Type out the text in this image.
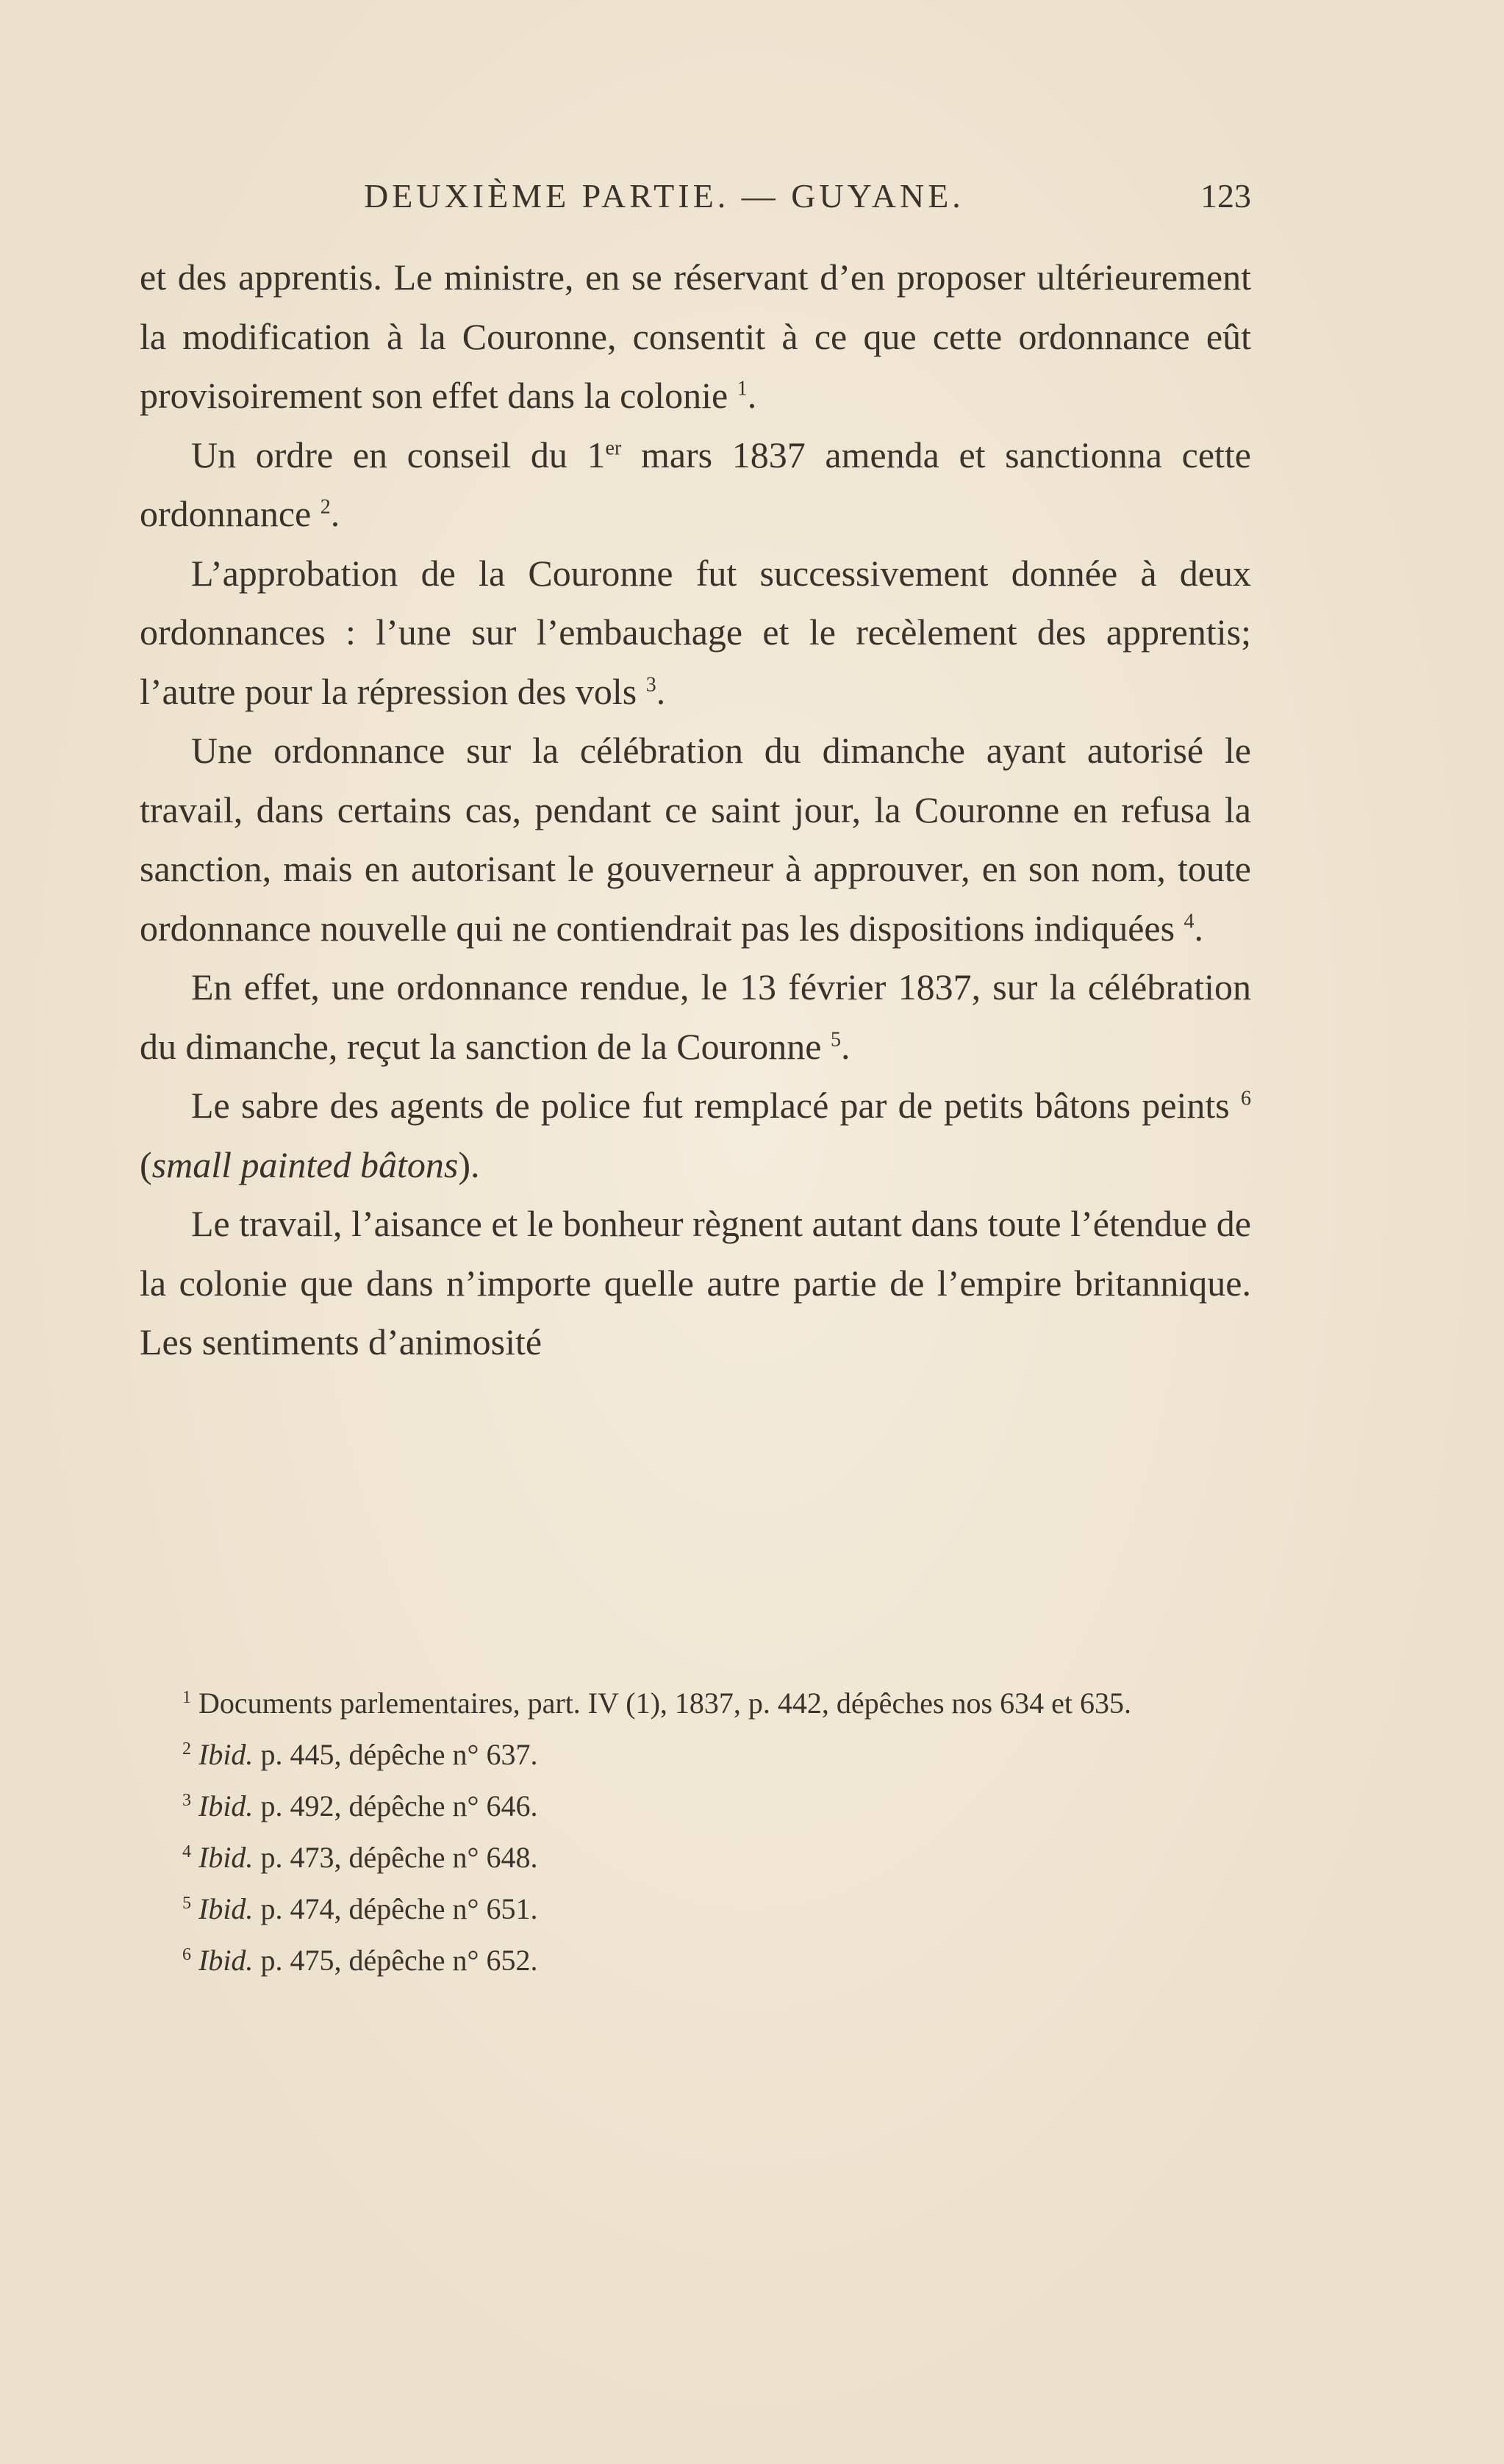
DEUXIÈME PARTIE. — GUYANE.	123

et des apprentis. Le ministre, en se réservant d’en proposer ultérieurement la modification à la Couronne, consentit à ce que cette ordonnance eût provisoirement son effet dans la colonie $^1$.

Un ordre en conseil du 1er mars 1837 amenda et sanctionna cette ordonnance $^2$.

L’approbation de la Couronne fut successivement donnée à deux ordonnances : l’une sur l’embauchage et le recèlement des apprentis; l’autre pour la répression des vols $^3$.

Une ordonnance sur la célébration du dimanche ayant autorisé le travail, dans certains cas, pendant ce saint jour, la Couronne en refusa la sanction, mais en autorisant le gouverneur à approuver, en son nom, toute ordonnance nouvelle qui ne contiendrait pas les dispositions indiquées $^4$.

En effet, une ordonnance rendue, le 13 février 1837, sur la célébration du dimanche, reçut la sanction de la Couronne $^5$.

Le sabre des agents de police fut remplacé par de petits bâtons peints $^6$ (small painted bâtons).

Le travail, l’aisance et le bonheur règnent autant dans toute l’étendue de la colonie que dans n’importe quelle autre partie de l’empire britannique. Les sentiments d’animosité

$^1$ Documents parlementaires, part. IV (1), 1837, p. 442, dépêches nos 634 et 635.

$^2$ Ibid. p. 445, dépêche n° 637.

$^3$ Ibid. p. 492, dépêche n° 646.

$^4$ Ibid. p. 473, dépêche n° 648.

$^5$ Ibid. p. 474, dépêche n° 651.

$^6$ Ibid. p. 475, dépêche n° 652.
